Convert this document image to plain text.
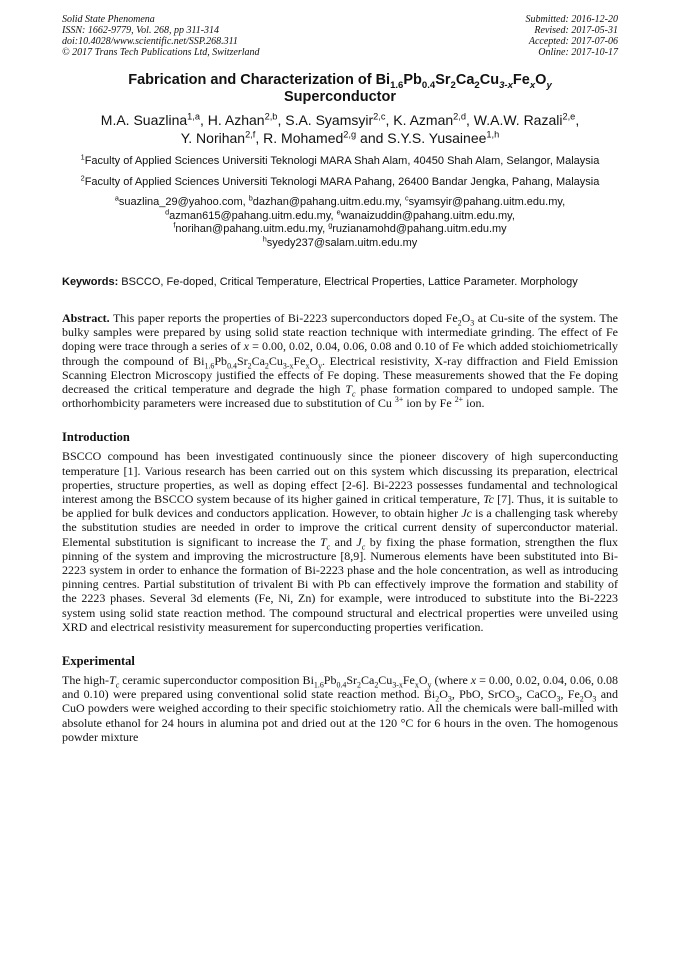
Solid State Phenomena
ISSN: 1662-9779, Vol. 268, pp 311-314
doi:10.4028/www.scientific.net/SSP.268.311
© 2017 Trans Tech Publications Ltd, Switzerland
Submitted: 2016-12-20
Revised: 2017-05-31
Accepted: 2017-07-06
Online: 2017-10-17
Fabrication and Characterization of $Bi_{1.6}Pb_{0.4}Sr_2Ca_2Cu_{3-x}Fe_xO_y$
Superconductor
M.A. Suazlina$^{1,a}$, H. Azhan$^{2,b}$, S.A. Syamsyir$^{2,c}$, K. Azman$^{2,d}$, W.A.W. Razali$^{2,e}$,
Y. Norihan$^{2,f}$, R. Mohamed$^{2,g}$ and S.Y.S. Yusainee$^{1,h}$
$^1$Faculty of Applied Sciences Universiti Teknologi MARA Shah Alam, 40450 Shah Alam, Selangor, Malaysia
$^2$Faculty of Applied Sciences Universiti Teknologi MARA Pahang, 26400 Bandar Jengka, Pahang, Malaysia
$^a$suazlina_29@yahoo.com, $^b$dazhan@pahang.uitm.edu.my, $^c$syamsyir@pahang.uitm.edu.my,
$^d$azman615@pahang.uitm.edu.my, $^e$wanaizuddin@pahang.uitm.edu.my,
$^f$norihan@pahang.uitm.edu.my, $^g$ruzianamohd@pahang.uitm.edu.my
$^h$syedy237@salam.uitm.edu.my
Keywords: BSCCO, Fe-doped, Critical Temperature, Electrical Properties, Lattice Parameter. Morphology

Abstract. This paper reports the properties of Bi-2223 superconductors doped $Fe_2O_3$ at Cu-site of the system. The bulky samples were prepared by using solid state reaction technique with intermediate grinding. The effect of Fe doping were trace through a series of x = 0.00, 0.02, 0.04, 0.06, 0.08 and 0.10 of Fe which added stoichiometrically through the compound of $Bi_{1.6}Pb_{0.4}Sr_2Ca_2Cu_{3-x}Fe_xO_y$. Electrical resistivity, X-ray diffraction and Field Emission Scanning Electron Microscopy justified the effects of Fe doping. These measurements showed that the Fe doping decreased the critical temperature and degrade the high $T_c$ phase formation compared to undoped sample. The orthorhombicity parameters were increased due to substitution of Cu $^{3+}$ ion by Fe $^{2+}$ ion.

Introduction

BSCCO compound has been investigated continuously since the pioneer discovery of high superconducting temperature [1]. Various research has been carried out on this system which discussing its preparation, electrical properties, structure properties, as well as doping effect [2-6]. Bi-2223 possesses fundamental and technological interest among the BSCCO system because of its higher gained in critical temperature, Tc [7]. Thus, it is suitable to be applied for bulk devices and conductors application. However, to obtain higher Jc is a challenging task whereby the substitution studies are needed in order to improve the critical current density of superconductor material. Elemental substitution is significant to increase the $T_c$ and $J_c$ by fixing the phase formation, strengthen the flux pinning of the system and improving the microstructure [8,9]. Numerous elements have been substituted into Bi-2223 system in order to enhance the formation of Bi-2223 phase and the hole concentration, as well as introducing pinning centres. Partial substitution of trivalent Bi with Pb can effectively improve the formation and stability of the 2223 phases. Several 3d elements (Fe, Ni, Zn) for example, were introduced to substitute into the Bi-2223 system using solid state reaction method. The compound structural and electrical properties were unveiled using XRD and electrical resistivity measurement for superconducting properties verification.

Experimental

The high-$T_c$ ceramic superconductor composition $Bi_{1.6}Pb_{0.4}Sr_2Ca_2Cu_{3-x}Fe_xO_y$ (where x = 0.00, 0.02, 0.04, 0.06, 0.08 and 0.10) were prepared using conventional solid state reaction method. $Bi_2O_3$, PbO, SrCO$_3$, CaCO$_3$, $Fe_2O_3$ and CuO powders were weighed according to their specific stoichiometry ratio. All the chemicals were ball-milled with absolute ethanol for 24 hours in alumina pot and dried out at the 120 °C for 6 hours in the oven. The homogenous powder mixture
